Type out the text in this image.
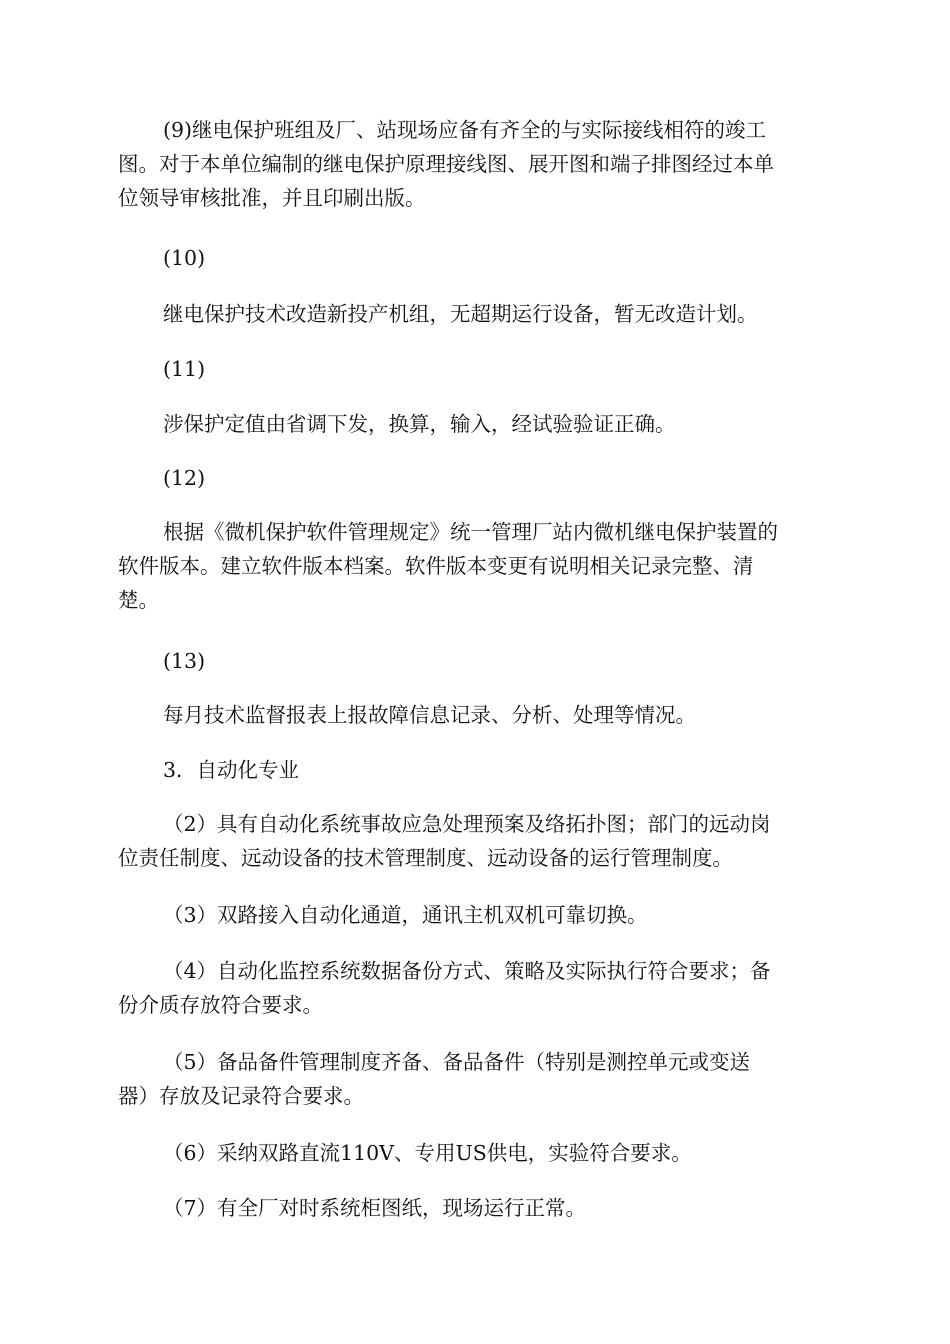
(9)继电保护班组及厂、站现场应备有齐全的与实际接线相符的竣工
图。对于本单位编制的继电保护原理接线图、展开图和端子排图经过本单
位领导审核批准，并且印刷出版。

(10)

继电保护技术改造新投产机组，无超期运行设备，暂无改造计划。

(11)

涉保护定值由省调下发，换算，输入，经试验验证正确。

(12)

根据《微机保护软件管理规定》统一管理厂站内微机继电保护装置的
软件版本。建立软件版本档案。软件版本变更有说明相关记录完整、清
楚。

(13)

每月技术监督报表上报故障信息记录、分析、处理等情况。

3．自动化专业

（2）具有自动化系统事故应急处理预案及络拓扑图；部门的远动岗
位责任制度、远动设备的技术管理制度、远动设备的运行管理制度。

（3）双路接入自动化通道，通讯主机双机可靠切换。

（4）自动化监控系统数据备份方式、策略及实际执行符合要求；备
份介质存放符合要求。

（5）备品备件管理制度齐备、备品备件（特别是测控单元或变送
器）存放及记录符合要求。

（6）采纳双路直流110V、专用US供电，实验符合要求。

（7）有全厂对时系统柜图纸，现场运行正常。
